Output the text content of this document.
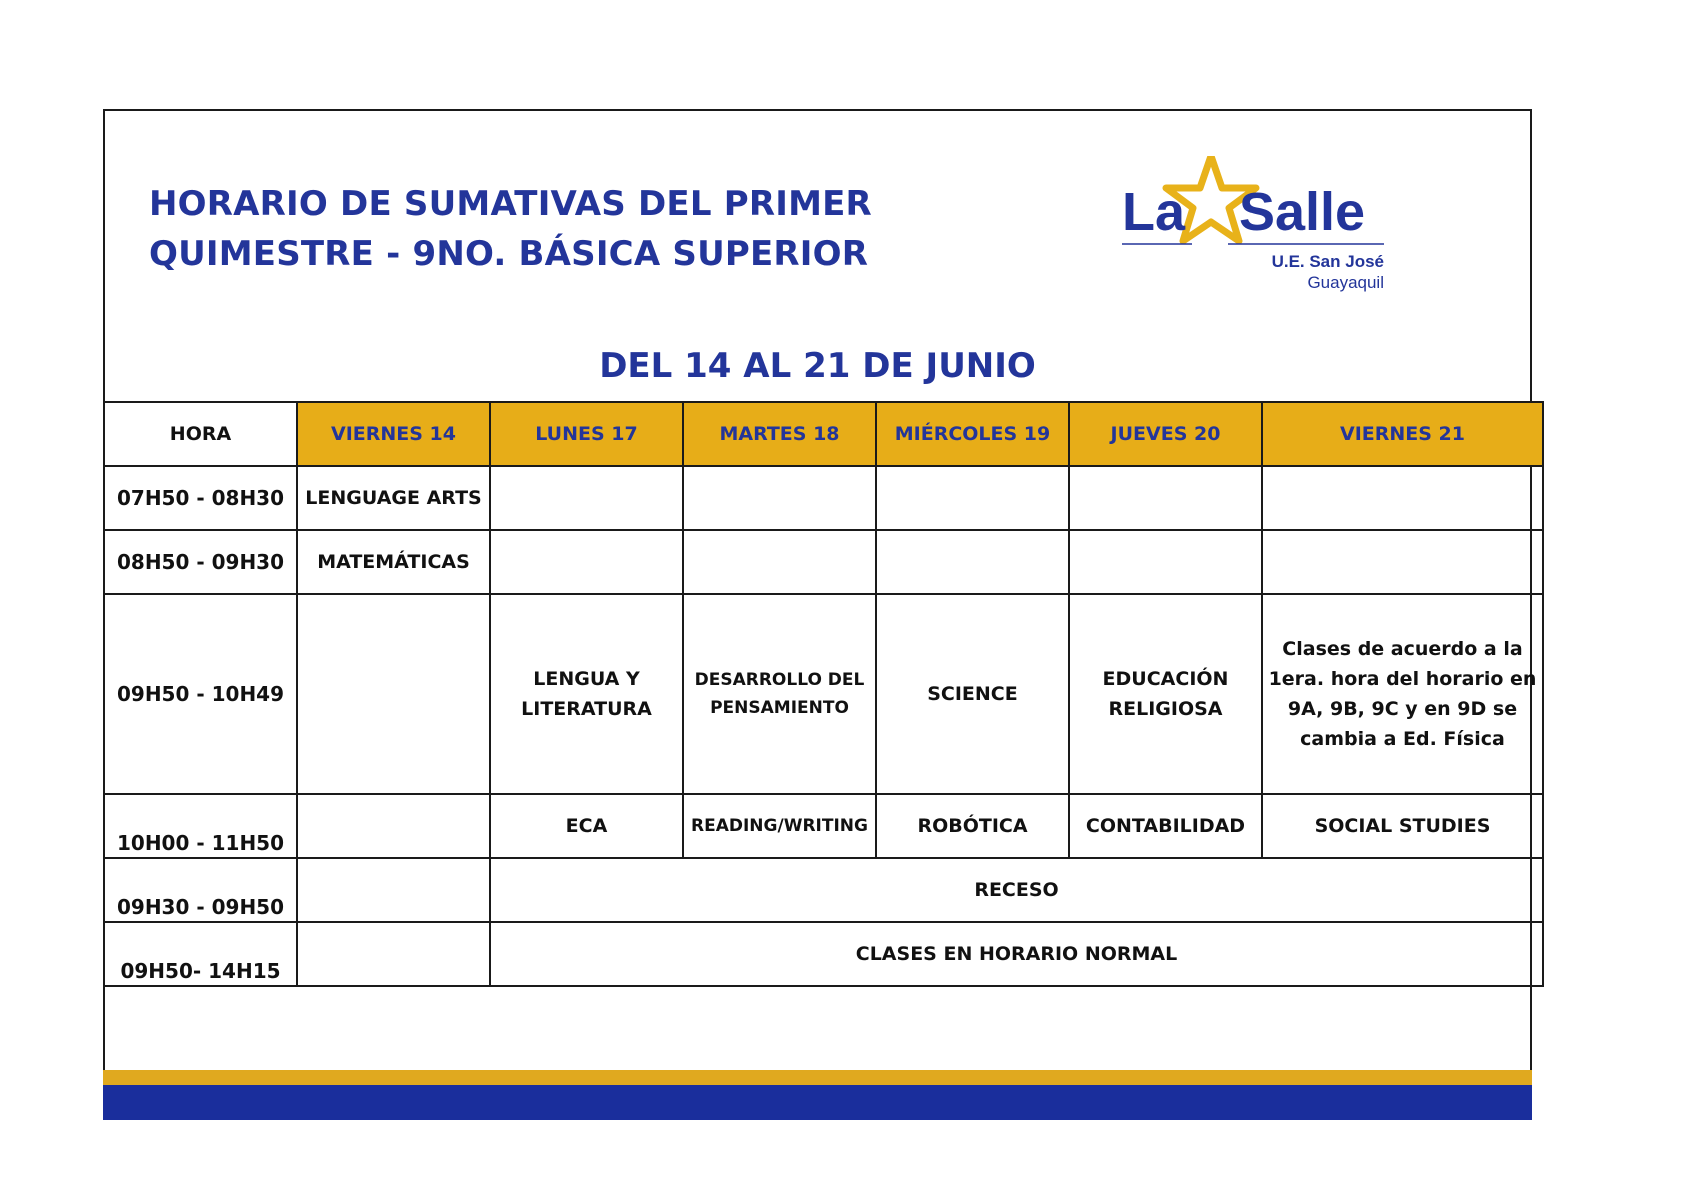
HORARIO DE SUMATIVAS DEL PRIMER
QUIMESTRE - 9NO. BÁSICA SUPERIOR
La Salle
U.E. San José
Guayaquil
DEL 14 AL 21 DE JUNIO
HORA	VIERNES 14	LUNES 17	MARTES 18	MIÉRCOLES 19	JUEVES 20	VIERNES 21
07H50 - 08H30	LENGUAGE ARTS					
08H50 - 09H30	MATEMÁTICAS					
09H50 - 10H49		LENGUA Y LITERATURA	DESARROLLO DEL PENSAMIENTO	SCIENCE	EDUCACIÓN RELIGIOSA	Clases de acuerdo a la 1era. hora del horario en 9A, 9B, 9C y en 9D se cambia a Ed. Física
10H00 - 11H50		ECA	READING/WRITING	ROBÓTICA	CONTABILIDAD	SOCIAL STUDIES
09H30 - 09H50		RECESO				
09H50- 14H15		CLASES EN HORARIO NORMAL				
